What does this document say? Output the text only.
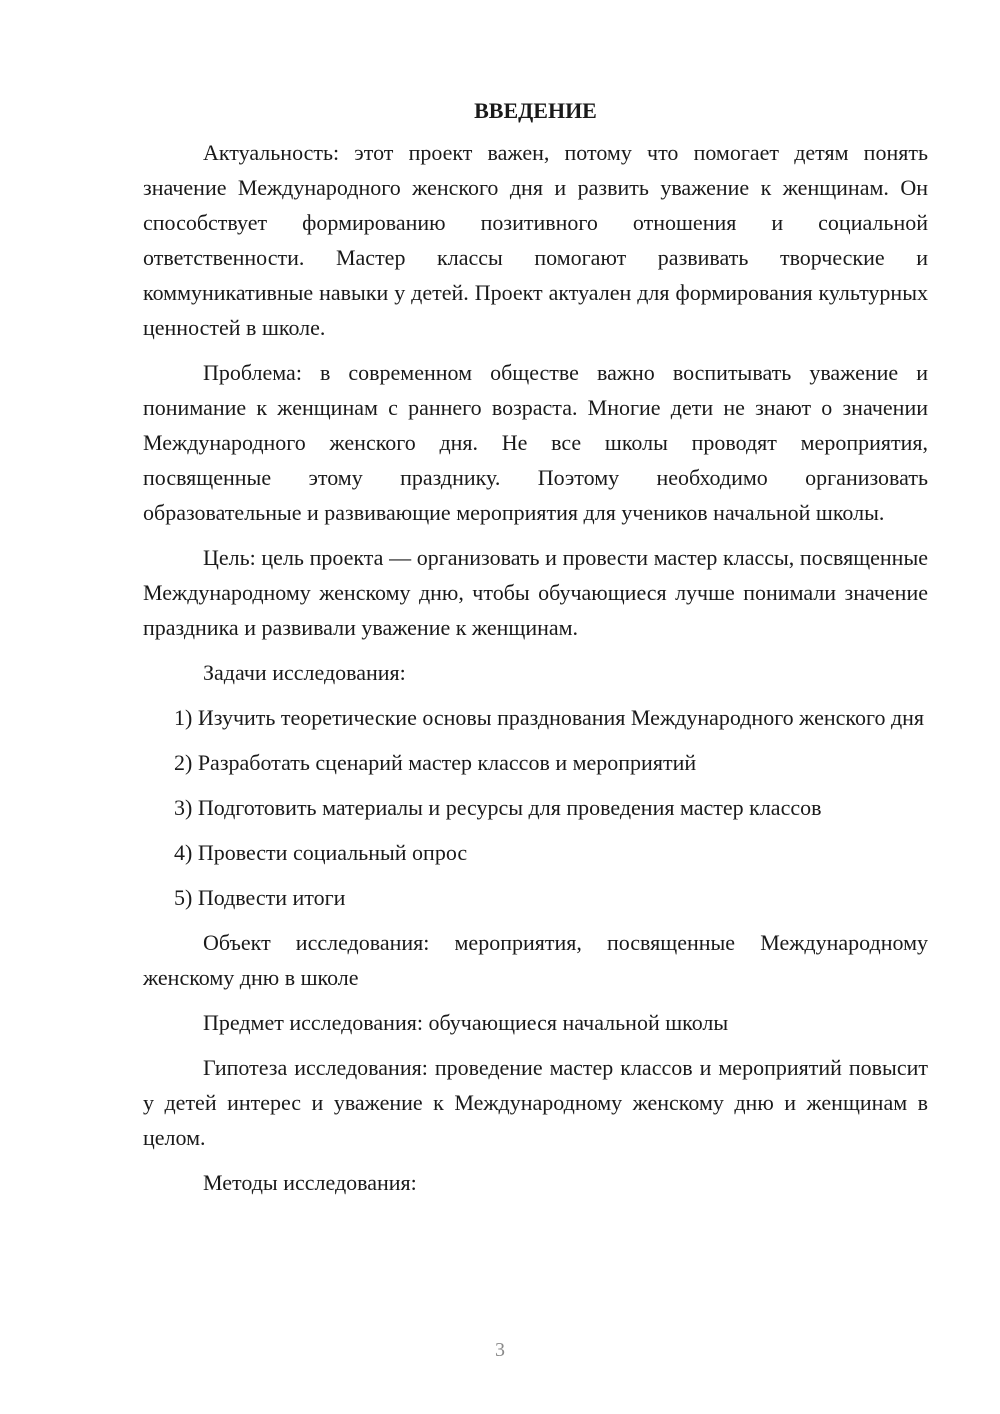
ВВЕДЕНИЕ

Актуальность: этот проект важен, потому что помогает детям понять значение Международного женского дня и развить уважение к женщинам. Он способствует формированию позитивного отношения и социальной ответственности. Мастер классы помогают развивать творческие и коммуникативные навыки у детей. Проект актуален для формирования культурных ценностей в школе.

Проблема: в современном обществе важно воспитывать уважение и понимание к женщинам с раннего возраста. Многие дети не знают о значении Международного женского дня. Не все школы проводят мероприятия, посвященные этому празднику. Поэтому необходимо организовать образовательные и развивающие мероприятия для учеников начальной школы.

Цель: цель проекта — организовать и провести мастер классы, посвященные Международному женскому дню, чтобы обучающиеся лучше понимали значение праздника и развивали уважение к женщинам.

Задачи исследования:

1) Изучить теоретические основы празднования Международного женского дня
2) Разработать сценарий мастер классов и мероприятий
3) Подготовить материалы и ресурсы для проведения мастер классов
4) Провести социальный опрос
5) Подвести итоги

Объект исследования: мероприятия, посвященные Международному женскому дню в школе

Предмет исследования: обучающиеся начальной школы

Гипотеза исследования: проведение мастер классов и мероприятий повысит у детей интерес и уважение к Международному женскому дню и женщинам в целом.

Методы исследования:

3
